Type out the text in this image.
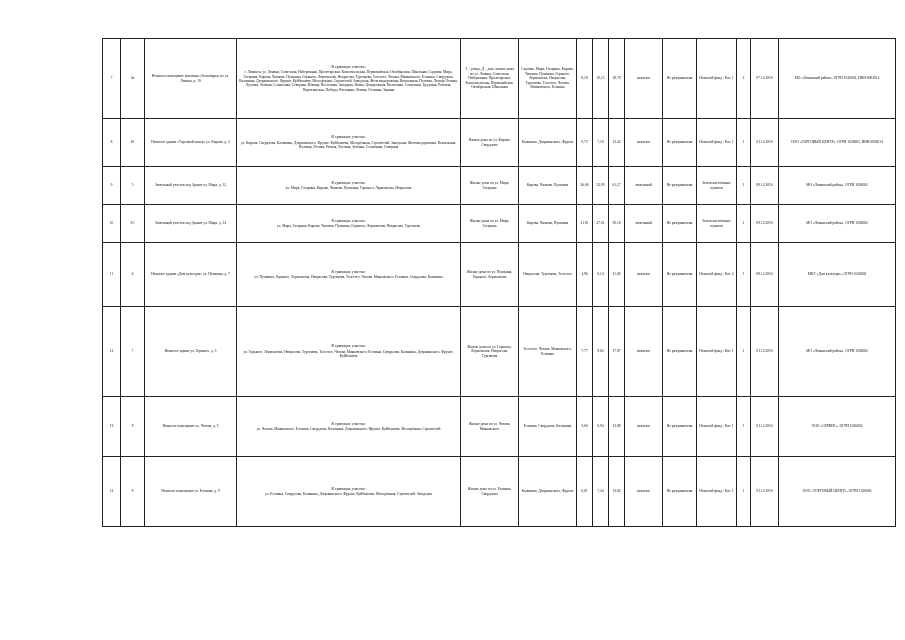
7	4а	Нежилое помещение магазина «Хозтовары» по ул. Ленина, д. 19	В границах участка:
г. Ленинск, ул. Ленина, Советская, Набережная, Пролетарская, Комсомольская, Первомайская, Октябрьская, Школьная, Садовая, Мира, Гагарина, Кирова, Чапаева, Пушкина, Горького, Лермонтова, Некрасова, Тургенева, Толстого, Чехова, Маяковского, Есенина, Свердлова, Калинина, Дзержинского, Фрунзе, Куйбышева, Молодёжная, Строителей, Заводская, Железнодорожная, Вокзальная, Полевая, Лесная, Речная, Луговая, Зелёная, Солнечная, Северная, Южная, Восточная, Западная, Новая, Центральная, Колхозная, Совхозная, Трудовая, Рабочая, Партизанская, Победы, Весенняя, Летняя, Осенняя, Зимняя	Т – улица, Д – дом; жилые дома по ул. Ленина, Советская, Набережная, Пролетарская, Комсомольская, Первомайская, Октябрьская, Школьная	Садовая, Мира, Гагарина, Кирова, Чапаева, Пушкина, Горького, Лермонтова, Некрасова, Тургенева, Толстого, Чехова, Маяковского, Есенина	8,18	10,13	18,78	нежилое	Не разграничена	Нежилой фонд / Кат. 1	2	07.12.2016	МО «Ленинский район», ОГРН 1026002, ИНН 6002014
8	4б	Нежилое здание «Торговый центр» ул. Кирова, д. 4	В границах участка:
ул. Кирова, Свердлова, Калинина, Дзержинского, Фрунзе, Куйбышева, Молодёжная, Строителей, Заводская, Железнодорожная, Вокзальная, Полевая, Лесная, Речная, Луговая, Зелёная, Солнечная, Северная	Жилые дома по ул. Кирова, Свердлова	Калинина, Дзержинского, Фрунзе	5,73	7,10	12,42	нежилое	Не разграничена	Нежилой фонд / Кат. 1	1	01.12.2016	ООО «ТОРГОВЫЙ ЦЕНТР», ОГРН 1026002, ИНН 6002014
9	5	Земельный участок под Здание ул. Мира, д. 12	В границах участка:
ул. Мира, Гагарина, Кирова, Чапаева, Пушкина, Горького, Лермонтова, Некрасова	Жилые дома по ул. Мира, Гагарина	Кирова, Чапаева, Пушкина	26,60	32,95	61,17	земельный	Не разграничена	Земли населённых пунктов	1	09.12.2016	МО «Ленинский район», ОГРН 1026002
10	5/1	Земельный участок под Здание ул. Мира, д. 14	В границах участка:
ул. Мира, Гагарина, Кирова, Чапаева, Пушкина, Горького, Лермонтова, Некрасова, Тургенева	Жилые дома по ул. Мира, Гагарина	Кирова, Чапаева, Пушкина	21,81	27,01	50,16	земельный	Не разграничена	Земли населённых пунктов	1	09.12.2016	МО «Ленинский район», ОГРН 1026002
11	6	Нежилое здание «Дом культуры» ул. Пушкина, д. 7	В границах участка:
ул. Пушкина, Горького, Лермонтова, Некрасова, Тургенева, Толстого, Чехова, Маяковского, Есенина, Свердлова, Калинина	Жилые дома по ул. Пушкина, Горького, Лермонтова	Некрасова, Тургенева, Толстого	4,96	6,14	11,40	нежилое	Не разграничена	Нежилой фонд / Кат. 2	1	09.12.2016	МКУ «Дом культуры», ОГРН 1026002
12	7	Нежилое здание ул. Горького, д. 3	В границах участка:
ул. Горького, Лермонтова, Некрасова, Тургенева, Толстого, Чехова, Маяковского, Есенина, Свердлова, Калинина, Дзержинского, Фрунзе, Куйбышева	Жилые дома по ул. Горького, Лермонтова, Некрасова, Тургенева	Толстого, Чехова, Маяковского, Есенина	7,77	9,62	17,87	нежилое	Не разграничена	Нежилой фонд / Кат. 1	1	01.12.2016	МО «Ленинский район», ОГРН 1026002
13	8	Нежилое помещение ул. Чехова, д. 5	В границах участка:
ул. Чехова, Маяковского, Есенина, Свердлова, Калинина, Дзержинского, Фрунзе, Куйбышева, Молодёжная, Строителей	Жилые дома по ул. Чехова, Маяковского	Есенина, Свердлова, Калинина	5,60	6,94	12,88	нежилое	Не разграничена	Нежилой фонд / Кат. 1	1	01.12.2016	ООО «СЕРВИС», ОГРН 1026002
14	9	Нежилое помещение ул. Есенина, д. 9	В границах участка:
ул. Есенина, Свердлова, Калинина, Дзержинского, Фрунзе, Куйбышева, Молодёжная, Строителей, Заводская	Жилые дома по ул. Есенина, Свердлова	Калинина, Дзержинского, Фрунзе	6,01	7,44	13,82	нежилое	Не разграничена	Нежилой фонд / Кат. 1	1	01.12.2016	ООО «ТОРГОВЫЙ ЦЕНТР», ОГРН 1026002
